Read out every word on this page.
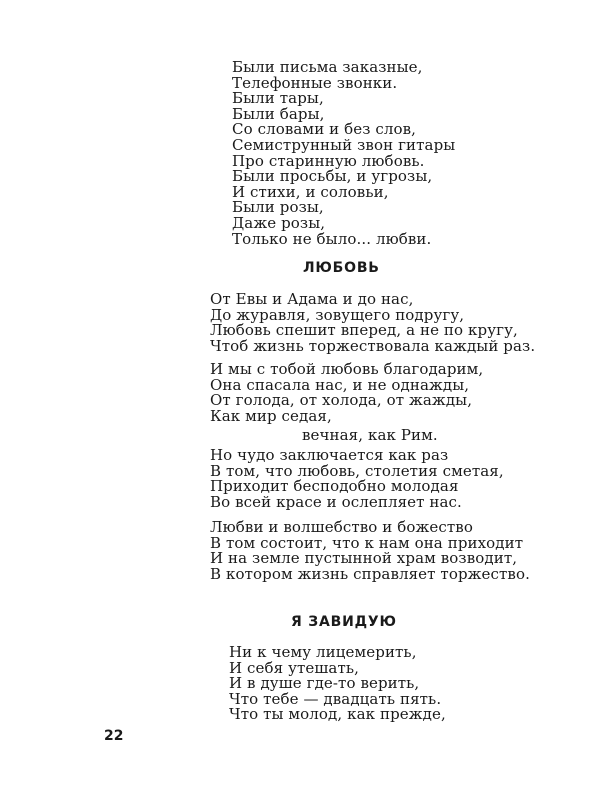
Были письма заказные,
Телефонные звонки.
Были тары,
Были бары,
Со словами и без слов,
Семиструнный звон гитары
Про старинную любовь.
Были просьбы, и угрозы,
И стихи, и соловьи,
Были розы,
Даже розы,
Только не было... любви.
ЛЮБОВЬ
От Евы и Адама и до нас,
До журавля, зовущего подругу,
Любовь спешит вперед, а не по кругу,
Чтоб жизнь торжествовала каждый раз.
И мы с тобой любовь благодарим,
Она спасала нас, и не однажды,
От голода, от холода, от жажды,
Как мир седая,
вечная, как Рим.
Но чудо заключается как раз
В том, что любовь, столетия сметая,
Приходит бесподобно молодая
Во всей красе и ослепляет нас.
Любви и волшебство и божество
В том состоит, что к нам она приходит
И на земле пустынной храм возводит,
В котором жизнь справляет торжество.
Я ЗАВИДУЮ
Ни к чему лицемерить,
И себя утешать,
И в душе где-то верить,
Что тебе — двадцать пять.
Что ты молод, как прежде,
22
